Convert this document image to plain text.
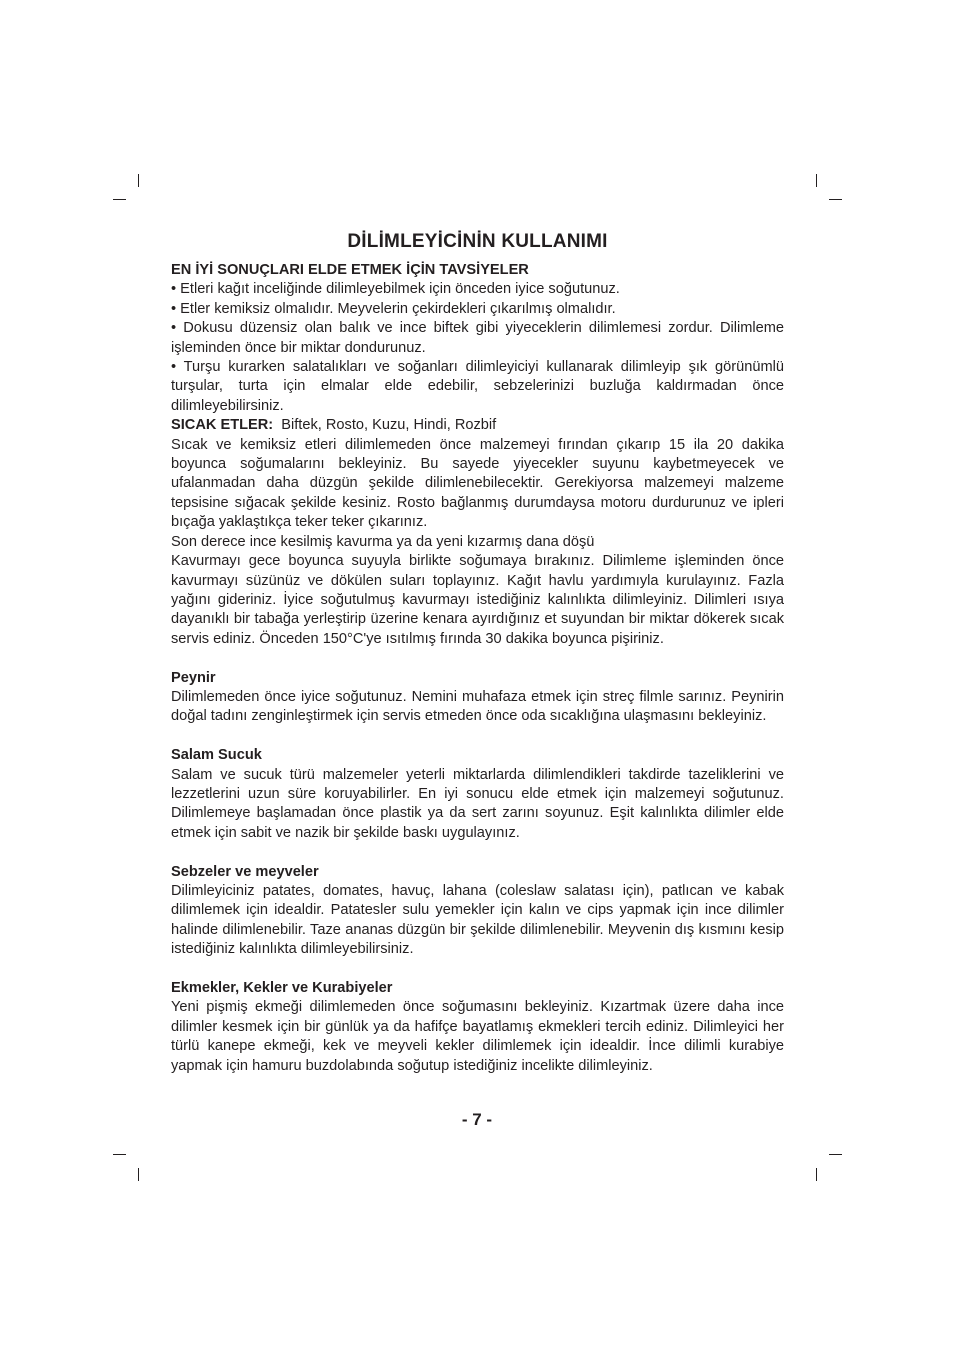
DİLİMLEYİCİNİN KULLANIMI
EN İYİ SONUÇLARI ELDE ETMEK İÇİN TAVSİYELER

• Etleri kağıt inceliğinde dilimleyebilmek için önceden iyice soğutunuz.

• Etler kemiksiz olmalıdır. Meyvelerin çekirdekleri çıkarılmış olmalıdır.

• Dokusu düzensiz olan balık ve ince biftek gibi yiyeceklerin dilimlemesi zordur. Dilimleme işleminden önce bir miktar dondurunuz.

• Turşu kurarken salatalıkları ve soğanları dilimleyiciyi kullanarak dilimleyip şık görünümlü turşular, turta için elmalar elde edebilir, sebzelerinizi buzluğa kaldırmadan önce dilimleyebilirsiniz.

SICAK ETLER: Biftek, Rosto, Kuzu, Hindi, Rozbif

Sıcak ve kemiksiz etleri dilimlemeden önce malzemeyi fırından çıkarıp 15 ila 20 dakika boyunca soğumalarını bekleyiniz. Bu sayede yiyecekler suyunu kaybetmeyecek ve ufalanmadan daha düzgün şekilde dilimlenebilecektir. Gerekiyorsa malzemeyi malzeme tepsisine sığacak şekilde kesiniz. Rosto bağlanmış durumdaysa motoru durdurunuz ve ipleri bıçağa yaklaştıkça teker teker çıkarınız.

Son derece ince kesilmiş kavurma ya da yeni kızarmış dana döşü

Kavurmayı gece boyunca suyuyla birlikte soğumaya bırakınız. Dilimleme işleminden önce kavurmayı süzünüz ve dökülen suları toplayınız. Kağıt havlu yardımıyla kurulayınız. Fazla yağını gideriniz. İyice soğutulmuş kavurmayı istediğiniz kalınlıkta dilimleyiniz. Dilimleri ısıya dayanıklı bir tabağa yerleştirip üzerine kenara ayırdığınız et suyundan bir miktar dökerek sıcak servis ediniz. Önceden 150°C'ye ısıtılmış fırında 30 dakika boyunca pişiriniz.

Peynir

Dilimlemeden önce iyice soğutunuz. Nemini muhafaza etmek için streç filmle sarınız. Peynirin doğal tadını zenginleştirmek için servis etmeden önce oda sıcaklığına ulaşmasını bekleyiniz.

Salam Sucuk

Salam ve sucuk türü malzemeler yeterli miktarlarda dilimlendikleri takdirde tazeliklerini ve lezzetlerini uzun süre koruyabilirler. En iyi sonucu elde etmek için malzemeyi soğutunuz. Dilimlemeye başlamadan önce plastik ya da sert zarını soyunuz. Eşit kalınlıkta dilimler elde etmek için sabit ve nazik bir şekilde baskı uygulayınız.

Sebzeler ve meyveler

Dilimleyiciniz patates, domates, havuç, lahana (coleslaw salatası için), patlıcan ve kabak dilimlemek için idealdir. Patatesler sulu yemekler için kalın ve cips yapmak için ince dilimler halinde dilimlenebilir. Taze ananas düzgün bir şekilde dilimlenebilir. Meyvenin dış kısmını kesip istediğiniz kalınlıkta dilimleyebilirsiniz.

Ekmekler, Kekler ve Kurabiyeler

Yeni pişmiş ekmeği dilimlemeden önce soğumasını bekleyiniz. Kızartmak üzere daha ince dilimler kesmek için bir günlük ya da hafifçe bayatlamış ekmekleri tercih ediniz. Dilimleyici her türlü kanepe ekmeği, kek ve meyveli kekler dilimlemek için idealdir. İnce dilimli kurabiye yapmak için hamuru buzdolabında soğutup istediğiniz incelikte dilimleyiniz.

- 7 -
